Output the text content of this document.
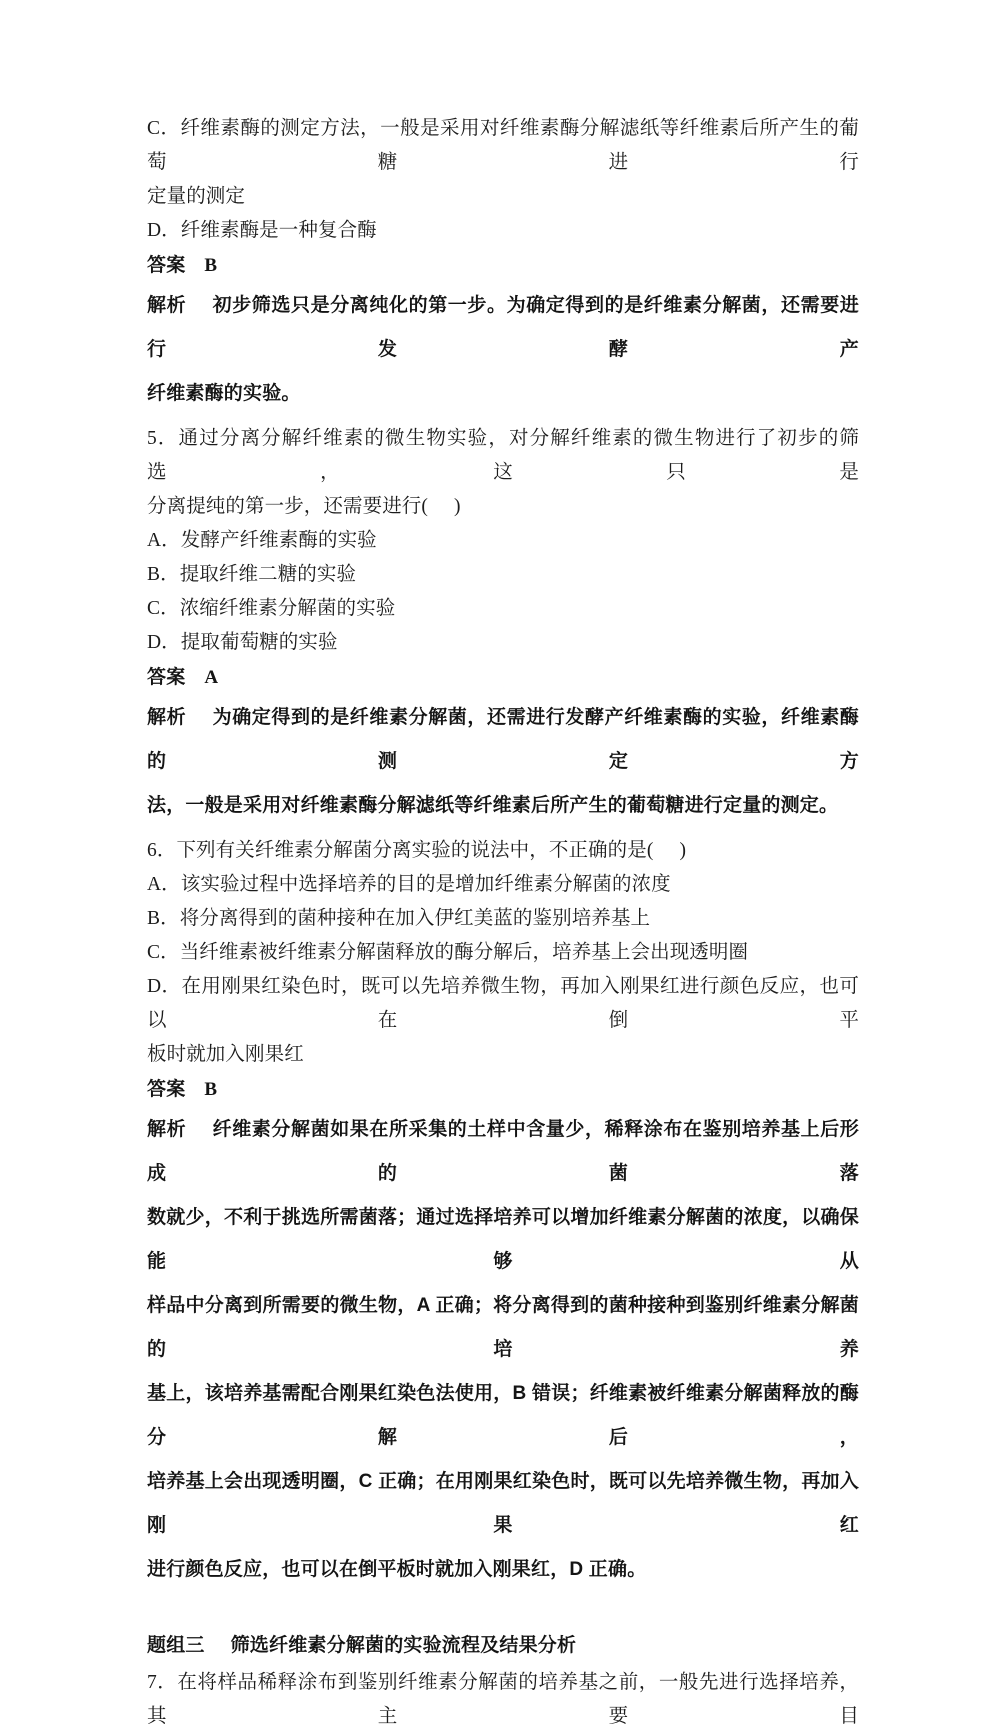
C．纤维素酶的测定方法，一般是采用对纤维素酶分解滤纸等纤维素后所产生的葡萄糖进行
定量的测定
D．纤维素酶是一种复合酶
答案 B
解析 初步筛选只是分离纯化的第一步。为确定得到的是纤维素分解菌，还需要进行发酵产
纤维素酶的实验。
5．通过分离分解纤维素的微生物实验，对分解纤维素的微生物进行了初步的筛选，这只是
分离提纯的第一步，还需要进行( )
A．发酵产纤维素酶的实验
B．提取纤维二糖的实验
C．浓缩纤维素分解菌的实验
D．提取葡萄糖的实验
答案 A
解析 为确定得到的是纤维素分解菌，还需进行发酵产纤维素酶的实验，纤维素酶的测定方
法，一般是采用对纤维素酶分解滤纸等纤维素后所产生的葡萄糖进行定量的测定。
6．下列有关纤维素分解菌分离实验的说法中，不正确的是( )
A．该实验过程中选择培养的目的是增加纤维素分解菌的浓度
B．将分离得到的菌种接种在加入伊红美蓝的鉴别培养基上
C．当纤维素被纤维素分解菌释放的酶分解后，培养基上会出现透明圈
D．在用刚果红染色时，既可以先培养微生物，再加入刚果红进行颜色反应，也可以在倒平
板时就加入刚果红
答案 B
解析 纤维素分解菌如果在所采集的土样中含量少，稀释涂布在鉴别培养基上后形成的菌落
数就少，不利于挑选所需菌落；通过选择培养可以增加纤维素分解菌的浓度，以确保能够从
样品中分离到所需要的微生物，A 正确；将分离得到的菌种接种到鉴别纤维素分解菌的培养
基上，该培养基需配合刚果红染色法使用，B 错误；纤维素被纤维素分解菌释放的酶分解后，
培养基上会出现透明圈，C 正确；在用刚果红染色时，既可以先培养微生物，再加入刚果红
进行颜色反应，也可以在倒平板时就加入刚果红，D 正确。
题组三 筛选纤维素分解菌的实验流程及结果分析
7．在将样品稀释涂布到鉴别纤维素分解菌的培养基之前，一般先进行选择培养，其主要目
